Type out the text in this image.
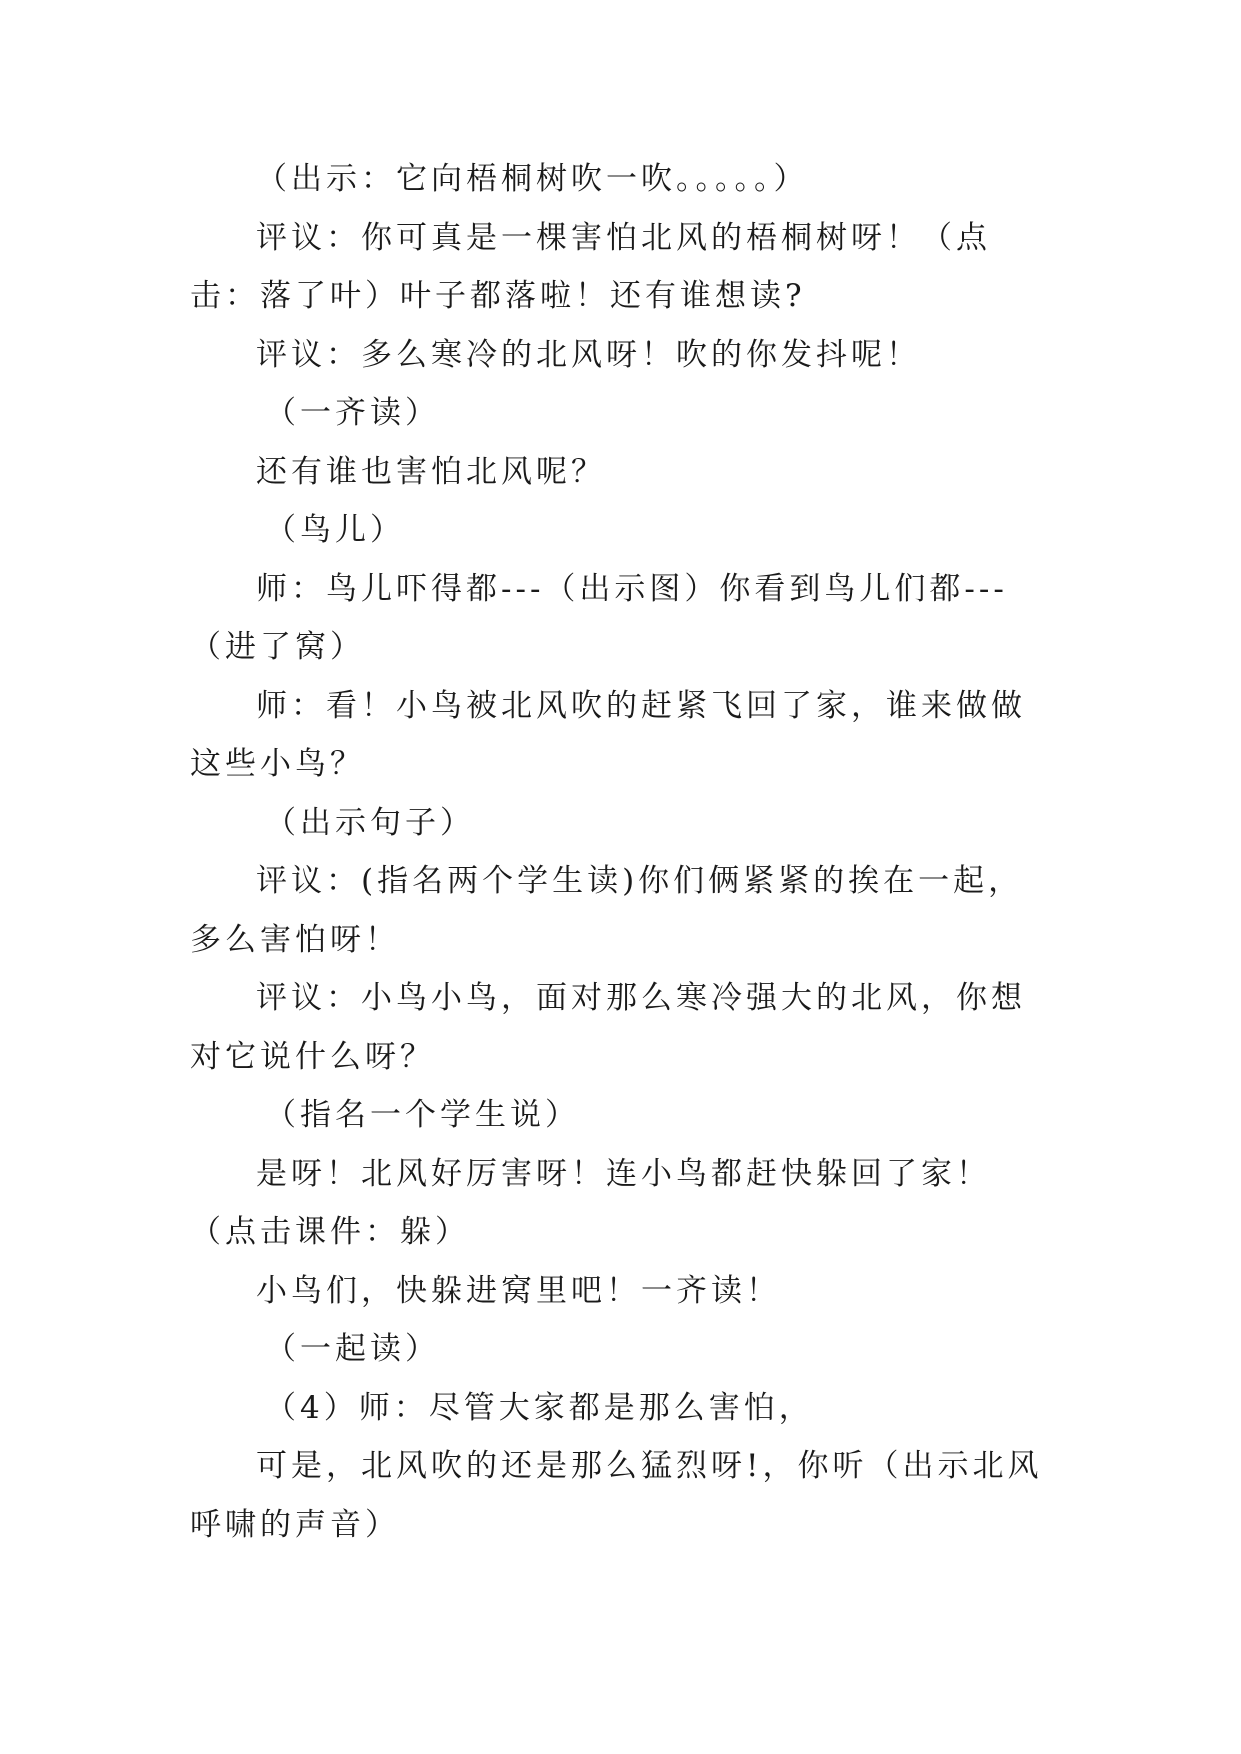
（出示：它向梧桐树吹一吹。。。。。）

评议：你可真是一棵害怕北风的梧桐树呀！（点击：落了叶）叶子都落啦！还有谁想读?

评议：多么寒冷的北风呀！吹的你发抖呢！

（一齐读）

还有谁也害怕北风呢？

（鸟儿）

师：鸟儿吓得都---（出示图）你看到鸟儿们都---（进了窝）

师：看！小鸟被北风吹的赶紧飞回了家，谁来做做这些小鸟？

（出示句子）

评议：(指名两个学生读)你们俩紧紧的挨在一起，多么害怕呀！

评议：小鸟小鸟，面对那么寒冷强大的北风，你想对它说什么呀？

（指名一个学生说）

是呀！北风好厉害呀！连小鸟都赶快躲回了家！（点击课件：躲）

小鸟们，快躲进窝里吧！一齐读！

（一起读）

（4）师：尽管大家都是那么害怕，

可是，北风吹的还是那么猛烈呀!，你听（出示北风呼啸的声音）
